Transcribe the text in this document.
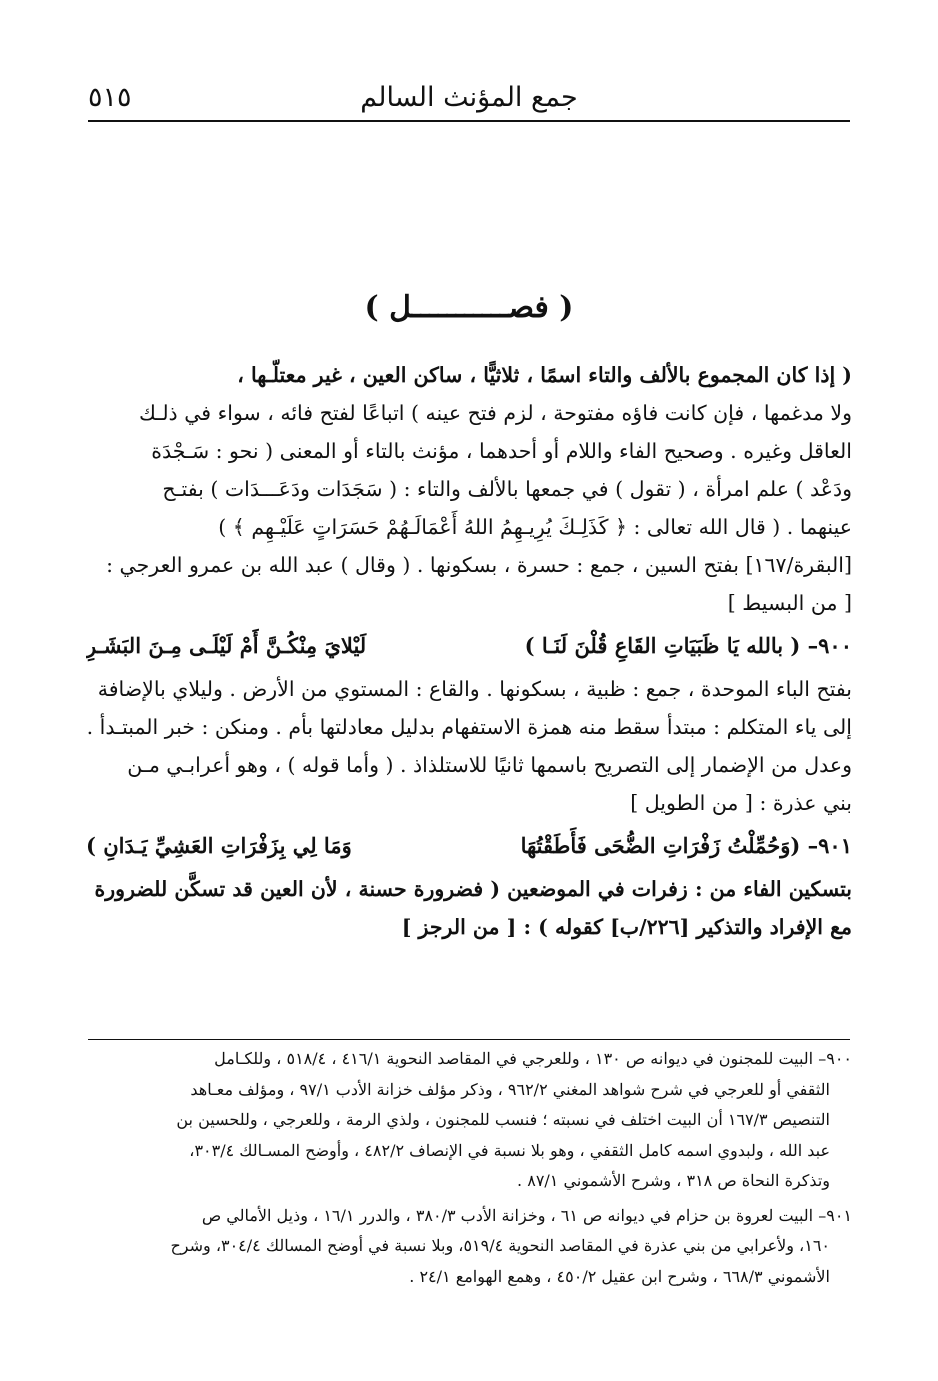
جمع المؤنث السالم
٥١٥
( فصـــــــــــل )
( إذا كان المجموع بالألف والتاء اسمًا ، ثلاثيًّا ، ساكن العين ، غير معتلّـها ،
ولا مدغمها ، فإن كانت فاؤه مفتوحة ، لزم فتح عينه ) اتباعًا لفتح فائه ، سواء في ذلـك
العاقل وغيره . وصحيح الفاء واللام أو أحدهما ، مؤنث بالتاء أو المعنى ( نحو : سَـجْدَة
ودَعْد ) علم امرأة ، ( تقول ) في جمعها بالألف والتاء : ( سَجَدَات ودَعَـــدَات ) بفتـح
عينهما . ( قال الله تعالى : ﴿ كَذَلِـكَ يُرِيـهِمُ اللهُ أَعْمَالَـهُمْ حَسَرَاتٍ عَلَيْـهِم ﴾ )
[البقرة/١٦٧] بفتح السين ، جمع : حسرة ، بسكونها . ( وقال ) عبد الله بن عمرو العرجي :
[ من البسيط ]
٩٠٠– ( بالله يَا ظَبَيَاتِ القَاعِ قُلْنَ لَنَـا )
لَيْلايَ مِنْكُـنَّ أَمْ لَيْلَـى مِـنَ البَشَـرِ
بفتح الباء الموحدة ، جمع : ظبية ، بسكونها . والقاع : المستوي من الأرض . وليلاي بالإضافة
إلى ياء المتكلم : مبتدأ سقط منه همزة الاستفهام بدليل معادلتها بأم . ومنكن : خبر المبتـدأ .
وعدل من الإضمار إلى التصريح باسمها ثانيًا للاستلذاذ . ( وأما قوله ) ، وهو أعرابـي مـن
بني عذرة : [ من الطويل ]
٩٠١– (وَحُمِّلْتُ زَفْرَاتِ الضُّحَى فَأَطَقْتُهَا
وَمَا لِي بِزَفْرَاتِ العَشِيِّ يَـدَانِ )
بتسكين الفاء من : زفرات في الموضعين ( فضرورة حسنة ، لأن العين قد تسكَّن للضرورة
مع الإفراد والتذكير [٢٢٦/ب] كقوله ) : [ من الرجز ]
٩٠٠– البيت للمجنون في ديوانه ص ١٣٠ ، وللعرجي في المقاصد النحوية ٤١٦/١ ، ٥١٨/٤ ، وللكـامل
الثقفي أو للعرجي في شرح شواهد المغني ٩٦٢/٢ ، وذكر مؤلف خزانة الأدب ٩٧/١ ، ومؤلف معـاهد
التنصيص ١٦٧/٣ أن البيت اختلف في نسبته ؛ فنسب للمجنون ، ولذي الرمة ، وللعرجي ، وللحسين بن
عبد الله ، ولبدوي اسمه كامل الثقفي ، وهو بلا نسبة في الإنصاف ٤٨٢/٢ ، وأوضح المسـالك ٣٠٣/٤،
وتذكرة النحاة ص ٣١٨ ، وشرح الأشموني ٨٧/١ .
٩٠١– البيت لعروة بن حزام في ديوانه ص ٦١ ، وخزانة الأدب ٣٨٠/٣ ، والدرر ١٦/١ ، وذيل الأمالي ص
١٦٠، ولأعرابي من بني عذرة في المقاصد النحوية ٥١٩/٤، وبلا نسبة في أوضح المسالك ٣٠٤/٤، وشرح
الأشموني ٦٦٨/٣ ، وشرح ابن عقيل ٤٥٠/٢ ، وهمع الهوامع ٢٤/١ .
